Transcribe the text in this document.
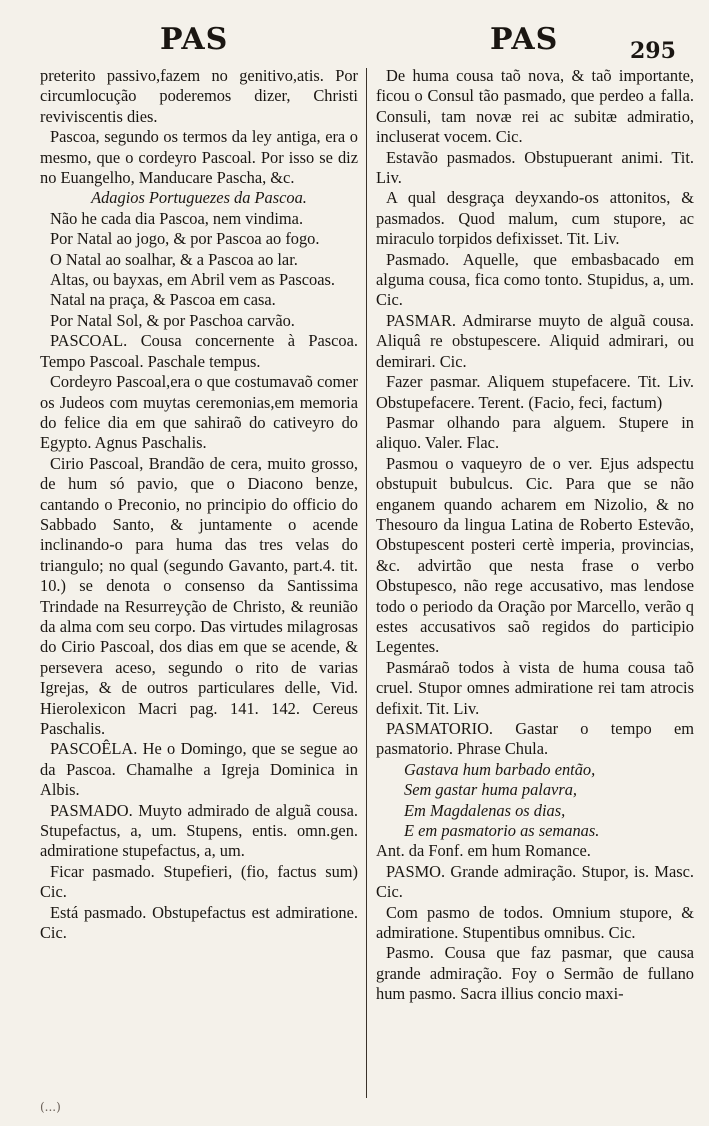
PAS	PAS	295

preterito passivo,fazem no genitivo,atis. Por circumlocução poderemos dizer, Christi reviviscentis dies.

Pascoa, segundo os termos da ley antiga, era o mesmo, que o cordeyro Pascoal. Por isso se diz no Euangelho, Manducare Pascha, &c.

Adagios Portuguezes da Pascoa.

Não he cada dia Pascoa, nem vindima.

Por Natal ao jogo, & por Pascoa ao fogo.

O Natal ao soalhar, & a Pascoa ao lar.

Altas, ou bayxas, em Abril vem as Pascoas.

Natal na praça, & Pascoa em casa.

Por Natal Sol, & por Paschoa carvão.

PASCOAL. Cousa concernente à Pascoa. Tempo Pascoal. Paschale tempus.

Cordeyro Pascoal,era o que costumavaõ comer os Judeos com muytas ceremonias,em memoria do felice dia em que sahiraõ do cativeyro do Egypto. Agnus Paschalis.

Cirio Pascoal, Brandão de cera, muito grosso, de hum só pavio, que o Diacono benze, cantando o Preconio, no principio do officio do Sabbado Santo, & juntamente o acende inclinando-o para huma das tres velas do triangulo; no qual (segundo Gavanto, part.4. tit. 10.) se denota o consenso da Santissima Trindade na Resurreyção de Christo, & reunião da alma com seu corpo. Das virtudes milagrosas do Cirio Pascoal, dos dias em que se acende, & persevera aceso, segundo o rito de varias Igrejas, & de outros particulares delle, Vid. Hierolexicon Macri pag. 141. 142. Cereus Paschalis.

PASCOÊLA. He o Domingo, que se segue ao da Pascoa. Chamalhe a Igreja Dominica in Albis.

PASMADO. Muyto admirado de alguã cousa. Stupefactus, a, um. Stupens, entis. omn.gen. admiratione stupefactus, a, um.

Ficar pasmado. Stupefieri, (fio, factus sum) Cic.

Está pasmado. Obstupefactus est admiratione. Cic.

De huma cousa taõ nova, & taõ importante, ficou o Consul tão pasmado, que perdeo a falla. Consuli, tam novæ rei ac subitæ admiratio, incluserat vocem. Cic.

Estavão pasmados. Obstupuerant animi. Tit. Liv.

A qual desgraça deyxando-os attonitos, & pasmados. Quod malum, cum stupore, ac miraculo torpidos defixisset. Tit. Liv.

Pasmado. Aquelle, que embasbacado em alguma cousa, fica como tonto. Stupidus, a, um. Cic.

PASMAR. Admirarse muyto de alguã cousa. Aliquâ re obstupescere. Aliquid admirari, ou demirari. Cic.

Fazer pasmar. Aliquem stupefacere. Tit. Liv. Obstupefacere. Terent. (Facio, feci, factum)

Pasmar olhando para alguem. Stupere in aliquo. Valer. Flac.

Pasmou o vaqueyro de o ver. Ejus adspectu obstupuit bubulcus. Cic. Para que se não enganem quando acharem em Nizolio, & no Thesouro da lingua Latina de Roberto Estevão, Obstupescent posteri certè imperia, provincias, &c. advirtão que nesta frase o verbo Obstupesco, não rege accusativo, mas lendose todo o periodo da Oração por Marcello, verão q estes accusativos saõ regidos do participio Legentes.

Pasmáraõ todos à vista de huma cousa taõ cruel. Stupor omnes admiratione rei tam atrocis defixit. Tit. Liv.

PASMATORIO. Gastar o tempo em pasmatorio. Phrase Chula.

Gastava hum barbado então,

Sem gastar huma palavra,

Em Magdalenas os dias,

E em pasmatorio as semanas.

Ant. da Fonf. em hum Romance.

PASMO. Grande admiração. Stupor, is. Masc. Cic.

Com pasmo de todos. Omnium stupore, & admiratione. Stupentibus omnibus. Cic.

Pasmo. Cousa que faz pasmar, que causa grande admiração. Foy o Sermão de fullano hum pasmo. Sacra illius concio maxi-

(...)
